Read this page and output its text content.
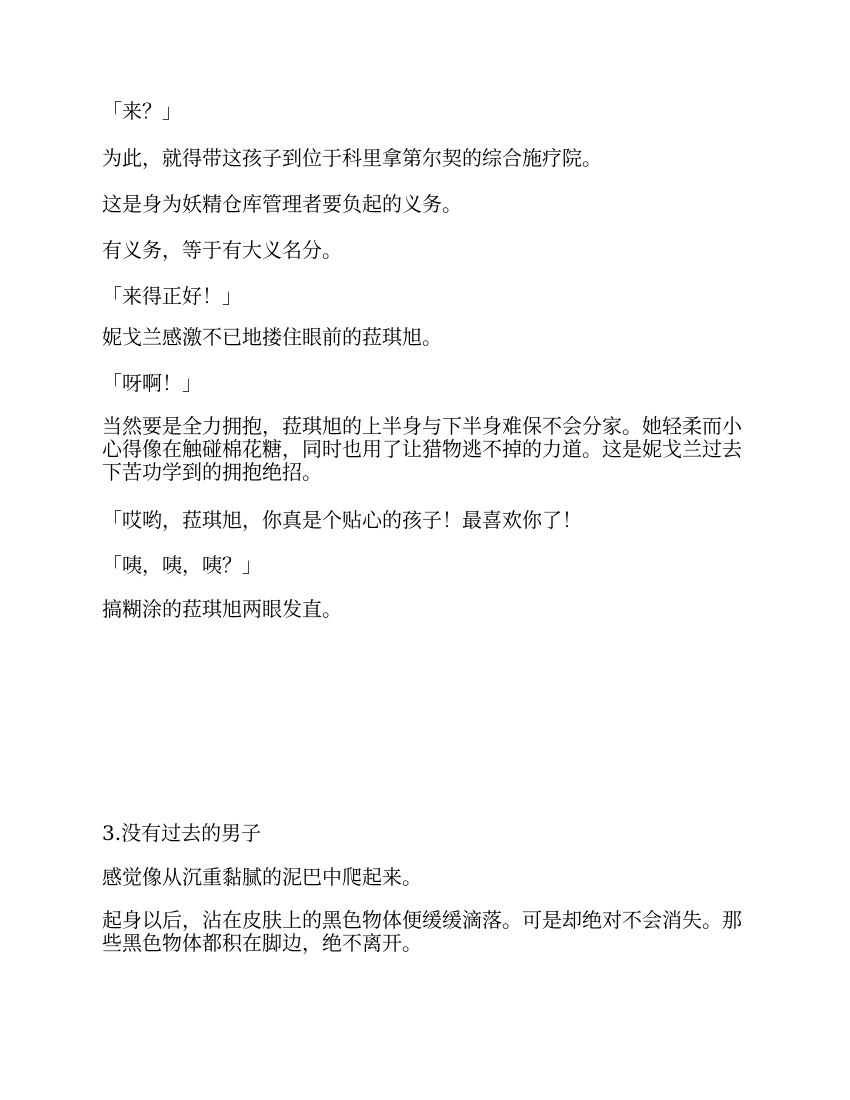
「来？」

为此，就得带这孩子到位于科里拿第尔契的综合施疗院。

这是身为妖精仓库管理者要负起的义务。

有义务，等于有大义名分。

「来得正好！」

妮戈兰感激不已地搂住眼前的菈琪旭。

「呀啊！」

当然要是全力拥抱，菈琪旭的上半身与下半身难保不会分家。她轻柔而小心得像在触碰棉花糖，同时也用了让猎物逃不掉的力道。这是妮戈兰过去下苦功学到的拥抱绝招。

「哎哟，菈琪旭，你真是个贴心的孩子！最喜欢你了！

「咦，咦，咦？」

搞糊涂的菈琪旭两眼发直。

3.没有过去的男子

感觉像从沉重黏腻的泥巴中爬起来。

起身以后，沾在皮肤上的黑色物体便缓缓滴落。可是却绝对不会消失。那些黑色物体都积在脚边，绝不离开。
